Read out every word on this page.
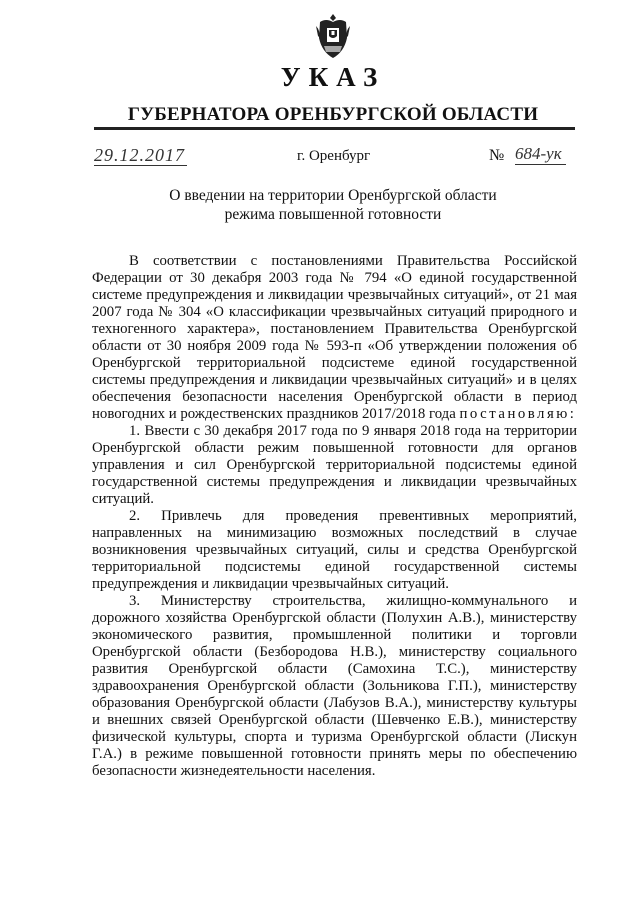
УКАЗ
ГУБЕРНАТОРА ОРЕНБУРГСКОЙ ОБЛАСТИ
29.12.2017	г. Оренбург	№ 684-ук
О введении на территории Оренбургской области режима повышенной готовности

В соответствии с постановлениями Правительства Российской Федерации от 30 декабря 2003 года № 794 «О единой государственной системе предупреждения и ликвидации чрезвычайных ситуаций», от 21 мая 2007 года № 304 «О классификации чрезвычайных ситуаций природного и техногенного характера», постановлением Правительства Оренбургской области от 30 ноября 2009 года № 593-п «Об утверждении положения об Оренбургской территориальной подсистеме единой государственной системы предупреждения и ликвидации чрезвычайных ситуаций» и в целях обеспечения безопасности населения Оренбургской области в период новогодних и рождественских праздников 2017/2018 года постановляю:

1. Ввести с 30 декабря 2017 года по 9 января 2018 года на территории Оренбургской области режим повышенной готовности для органов управления и сил Оренбургской территориальной подсистемы единой государственной системы предупреждения и ликвидации чрезвычайных ситуаций.

2. Привлечь для проведения превентивных мероприятий, направленных на минимизацию возможных последствий в случае возникновения чрезвычайных ситуаций, силы и средства Оренбургской территориальной подсистемы единой государственной системы предупреждения и ликвидации чрезвычайных ситуаций.

3. Министерству строительства, жилищно-коммунального и дорожного хозяйства Оренбургской области (Полухин А.В.), министерству экономического развития, промышленной политики и торговли Оренбургской области (Безбородова Н.В.), министерству социального развития Оренбургской области (Самохина Т.С.), министерству здравоохранения Оренбургской области (Зольникова Г.П.), министерству образования Оренбургской области (Лабузов В.А.), министерству культуры и внешних связей Оренбургской области (Шевченко Е.В.), министерству физической культуры, спорта и туризма Оренбургской области (Лискун Г.А.) в режиме повышенной готовности принять меры по обеспечению безопасности жизнедеятельности населения.
